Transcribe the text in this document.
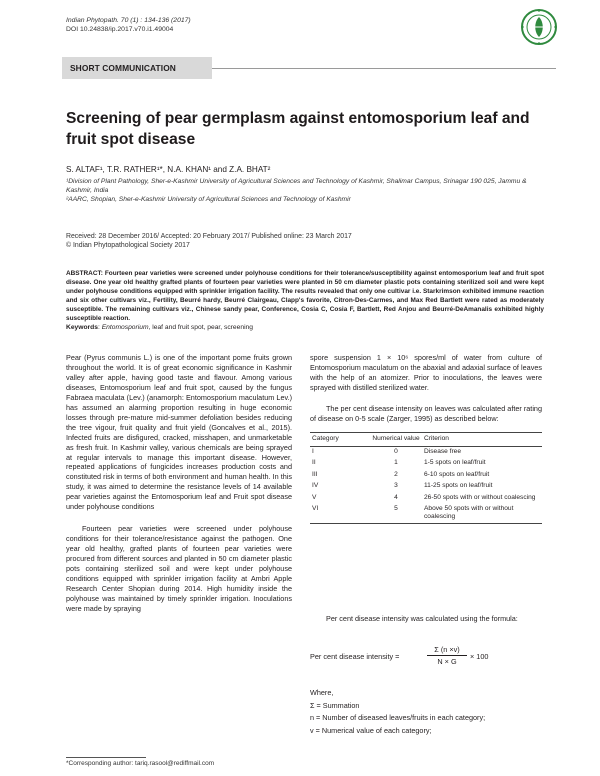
Indian Phytopath. 70 (1) : 134-136 (2017)
DOI 10.24838/ip.2017.v70.i1.49004
SHORT COMMUNICATION
Screening of pear germplasm against entomosporium leaf and fruit spot disease
S. ALTAF¹, T.R. RATHER¹*, N.A. KHAN¹ and Z.A. BHAT²
¹Division of Plant Pathology, Sher-e-Kashmir University of Agricultural Sciences and Technology of Kashmir, Shalimar Campus, Srinagar 190 025, Jammu & Kashmir, India
²AARC, Shopian, Sher-e-Kashmir University of Agricultural Sciences and Technology of Kashmir
Received: 28 December 2016/ Accepted: 20 February 2017/ Published online: 23 March 2017
© Indian Phytopathological Society 2017
ABSTRACT: Fourteen pear varieties were screened under polyhouse conditions for their tolerance/susceptibility against entomosporium leaf and fruit spot disease. One year old healthy grafted plants of fourteen pear varieties were planted in 50 cm diameter plastic pots containing sterilized soil and were kept under polyhouse conditions equipped with sprinkler irrigation facility. The results revealed that only one cultivar i.e. Starkrimson exhibited immune reaction and six other cultivars viz., Fertility, Beurré hardy, Beurré Clairgeau, Clapp's favorite, Citron-Des-Carmes, and Max Red Bartlett were rated as moderately susceptible. The remaining cultivars viz., Chinese sandy pear, Conference, Cosia C, Cosia F, Bartlett, Red Anjou and Beurré-DeAmanalis exhibited highly susceptible reaction.
Keywords: Entomosporium, leaf and fruit spot, pear, screening

Pear (Pyrus communis L.) is one of the important pome fruits grown throughout the world. It is of great economic significance in Kashmir valley after apple, having good taste and flavour. Among various diseases, Entomosporium leaf and fruit spot, caused by the fungus Fabraea maculata (Lev.) (anamorph: Entomosporium maculatum Lev.) has assumed an alarming proportion resulting in huge economic losses through pre-mature mid-summer defoliation besides reducing the tree vigour, fruit quality and fruit yield (Goncalves et al., 2015). Infected fruits are disfigured, cracked, misshapen, and unmarketable as fresh fruit. In Kashmir valley, various chemicals are being sprayed at regular intervals to manage this important disease. However, repeated applications of fungicides increases production costs and constituted risk in terms of both environment and human health. In this study, it was aimed to determine the resistance levels of 14 available pear varieties against the Entomosporium leaf and Fruit spot disease under polyhouse conditions

Fourteen pear varieties were screened under polyhouse conditions for their tolerance/resistance against the pathogen. One year old healthy, grafted plants of fourteen pear varieties were procured from different sources and planted in 50 cm diameter plastic pots containing sterilized soil and were kept under polyhouse conditions equipped with sprinkler irrigation facility at Ambri Apple Research Center Shopian during 2014. High humidity inside the polyhouse was maintained by timely sprinkler irrigation. Inoculations were made by spraying

spore suspension 1 × 10⁶ spores/ml of water from culture of Entomosporium maculatum on the abaxial and adaxial surface of leaves with the help of an atomizer. Prior to inoculations, the leaves were sprayed with distilled sterilized water.

The per cent disease intensity on leaves was calculated after rating of disease on 0-5 scale (Zarger, 1995) as described below:

Category	Numerical value	Criterion
I	0	Disease free
II	1	1-5 spots on leaf/fruit
III	2	6-10 spots on leaf/fruit
IV	3	11-25 spots on leaf/fruit
V	4	26-50 spots with or without coalescing
VI	5	Above 50 spots with or without coalescing

Per cent disease intensity was calculated using the formula:

Per cent disease intensity =	$\frac{\Sigma (n \times v)}{N \times G} \times 100$
Where,
Σ = Summation
n = Number of diseased leaves/fruits in each category;
v = Numerical value of each category;
*Corresponding author: tariq.rasool@rediffmail.com
